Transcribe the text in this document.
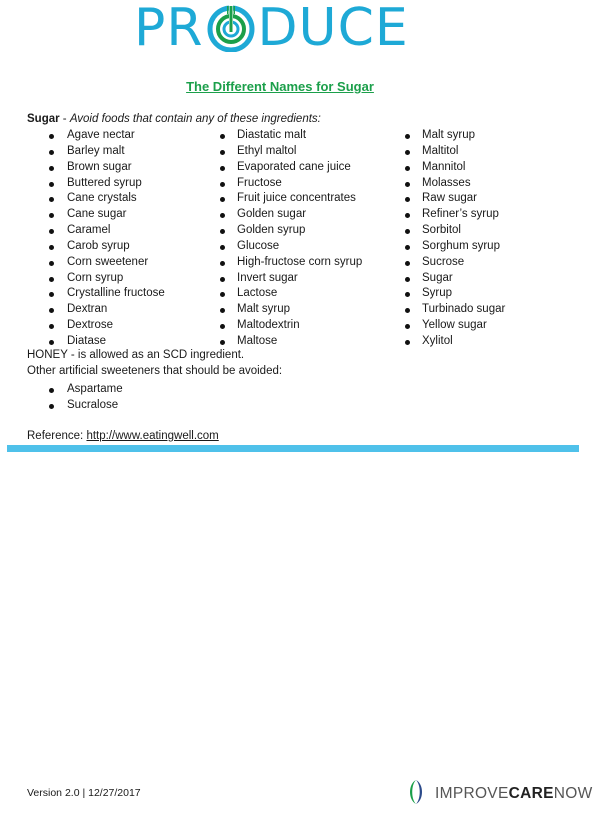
PR DUCE
The Different Names for Sugar
Sugar - Avoid foods that contain any of these ingredients:
Agave nectar
Barley malt
Brown sugar
Buttered syrup
Cane crystals
Cane sugar
Caramel
Carob syrup
Corn sweetener
Corn syrup
Crystalline fructose
Dextran
Dextrose
Diatase
Diastatic malt
Ethyl maltol
Evaporated cane juice
Fructose
Fruit juice concentrates
Golden sugar
Golden syrup
Glucose
High-fructose corn syrup
Invert sugar
Lactose
Malt syrup
Maltodextrin
Maltose
Malt syrup
Maltitol
Mannitol
Molasses
Raw sugar
Refiner’s syrup
Sorbitol
Sorghum syrup
Sucrose
Sugar
Syrup
Turbinado sugar
Yellow sugar
Xylitol
HONEY - is allowed as an SCD ingredient.
Other artificial sweeteners that should be avoided:
Aspartame
Sucralose
Reference: http://www.eatingwell.com
Version 2.0 | 12/27/2017	IMPROVECARENOW
